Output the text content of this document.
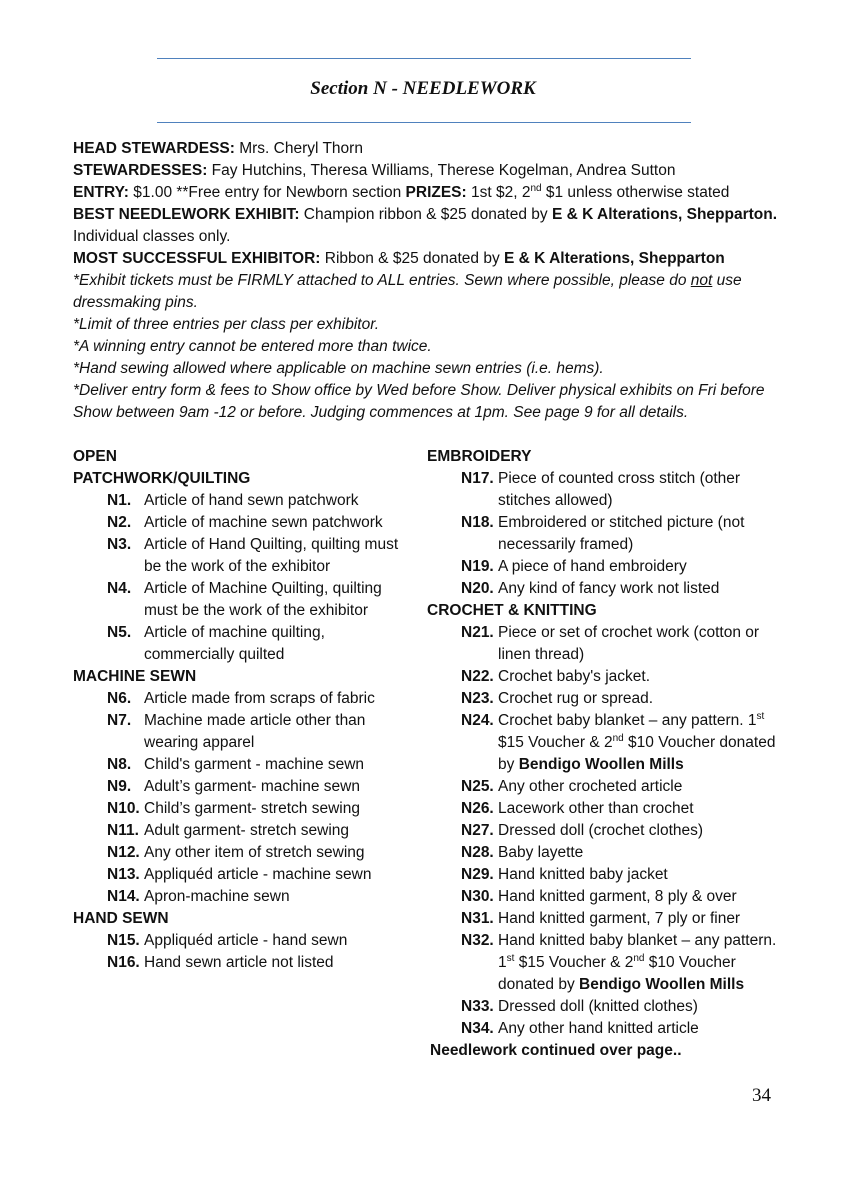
Section N - NEEDLEWORK

HEAD STEWARDESS: Mrs. Cheryl Thorn

STEWARDESSES: Fay Hutchins, Theresa Williams, Therese Kogelman, Andrea Sutton

ENTRY: $1.00 **Free entry for Newborn section PRIZES: 1st $2, 2nd $1 unless otherwise stated

BEST NEEDLEWORK EXHIBIT: Champion ribbon & $25 donated by E & K Alterations, Shepparton. Individual classes only.

MOST SUCCESSFUL EXHIBITOR: Ribbon & $25 donated by E & K Alterations, Shepparton

*Exhibit tickets must be FIRMLY attached to ALL entries. Sewn where possible, please do not use dressmaking pins.

*Limit of three entries per class per exhibitor.

*A winning entry cannot be entered more than twice.

*Hand sewing allowed where applicable on machine sewn entries (i.e. hems).

*Deliver entry form & fees to Show office by Wed before Show. Deliver physical exhibits on Fri before Show between 9am -12 or before. Judging commences at 1pm. See page 9 for all details.

OPEN
PATCHWORK/QUILTING
N1. Article of hand sewn patchwork
N2. Article of machine sewn patchwork
N3. Article of Hand Quilting, quilting must be the work of the exhibitor
N4. Article of Machine Quilting, quilting must be the work of the exhibitor
N5. Article of machine quilting, commercially quilted
MACHINE SEWN
N6. Article made from scraps of fabric
N7. Machine made article other than wearing apparel
N8. Child's garment - machine sewn
N9. Adult’s garment- machine sewn
N10. Child’s garment- stretch sewing
N11. Adult garment- stretch sewing
N12. Any other item of stretch sewing
N13. Appliquéd article - machine sewn
N14. Apron-machine sewn
HAND SEWN
N15. Appliquéd article - hand sewn
N16. Hand sewn article not listed
EMBROIDERY
N17. Piece of counted cross stitch (other stitches allowed)
N18. Embroidered or stitched picture (not necessarily framed)
N19. A piece of hand embroidery
N20. Any kind of fancy work not listed
CROCHET & KNITTING
N21. Piece or set of crochet work (cotton or linen thread)
N22. Crochet baby's jacket.
N23. Crochet rug or spread.
N24. Crochet baby blanket – any pattern. 1st $15 Voucher & 2nd $10 Voucher donated by Bendigo Woollen Mills
N25. Any other crocheted article
N26. Lacework other than crochet
N27. Dressed doll (crochet clothes)
N28. Baby layette
N29. Hand knitted baby jacket
N30. Hand knitted garment, 8 ply & over
N31. Hand knitted garment, 7 ply or finer
N32. Hand knitted baby blanket – any pattern. 1st $15 Voucher & 2nd $10 Voucher donated by Bendigo Woollen Mills
N33. Dressed doll (knitted clothes)
N34. Any other hand knitted article
Needlework continued over page..
34
